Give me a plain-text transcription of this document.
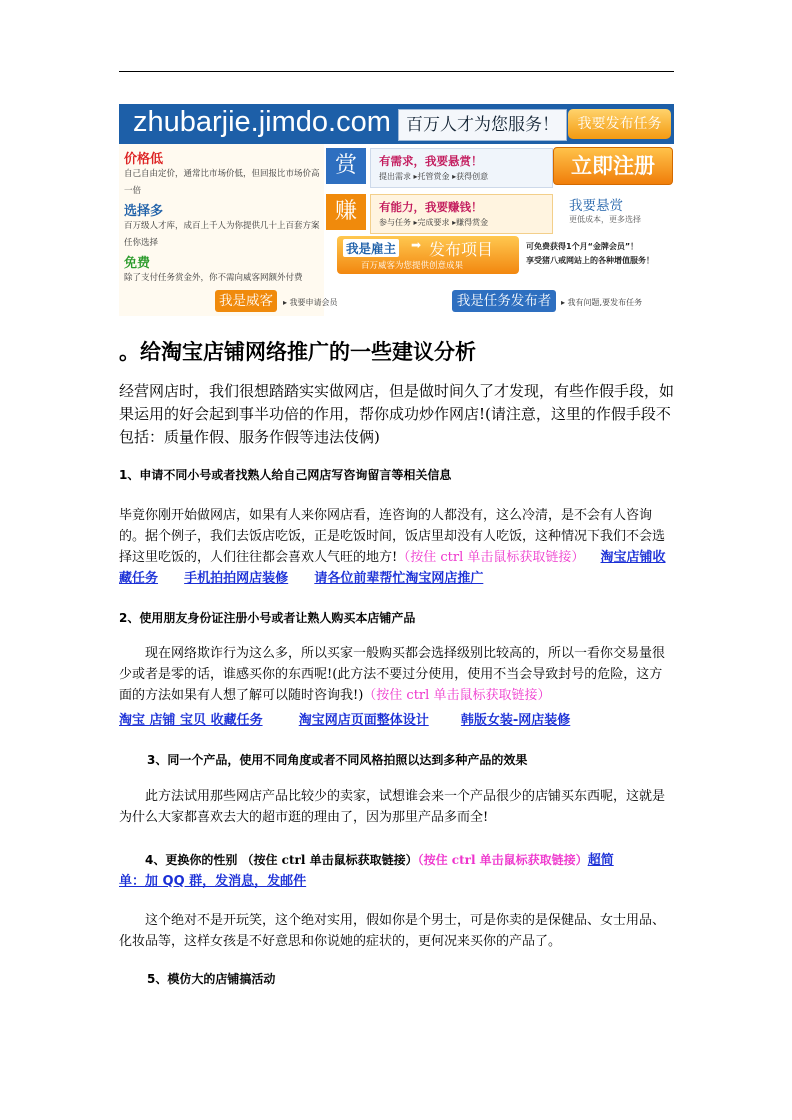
zhubarjie.jimdo.com 百万人才为您服务！	我要发布任务
价格低
自己自由定价，通常比市场价低，但回报比市场价高一倍
选择多
百万级人才库，成百上千人为你提供几十上百套方案任你选择
免费
除了支付任务赏金外，你不需向威客网额外付费
赏	有需求，我要悬赏！
提出需求 ▸托管赏金 ▸获得创意	立即注册
赚	有能力，我要赚钱！
参与任务 ▸完成要求 ▸赚得赏金
我要悬赏
更低成本，更多选择
我是雇主 ➡ 发布项目
百万威客为您提供创意成果
可免费获得1个月“金牌会员”！
享受猪八戒网站上的各种增值服务！
我是威客	▸ 我要申请会员	我是任务发布者	▸ 我有问题,要发布任务
。给淘宝店铺网络推广的一些建议分析
经营网店时，我们很想踏踏实实做网店，但是做时间久了才发现，有些作假手段，如果运用的好会起到事半功倍的作用，帮你成功炒作网店!(请注意，这里的作假手段不包括：质量作假、服务作假等违法伎俩)
1、申请不同小号或者找熟人给自己网店写咨询留言等相关信息
毕竟你刚开始做网店，如果有人来你网店看，连咨询的人都没有，这么冷清，是不会有人咨询的。据个例子，我们去饭店吃饭，正是吃饭时间，饭店里却没有人吃饭，这种情况下我们不会选择这里吃饭的，人们往往都会喜欢人气旺的地方!（按住 ctrl 单击鼠标获取链接） 淘宝店铺收藏任务 手机拍拍网店装修 请各位前辈帮忙淘宝网店推广
2、使用朋友身份证注册小号或者让熟人购买本店铺产品
现在网络欺诈行为这么多，所以买家一般购买都会选择级别比较高的，所以一看你交易量很少或者是零的话，谁感买你的东西呢!(此方法不要过分使用，使用不当会导致封号的危险，这方面的方法如果有人想了解可以随时咨询我!)（按住 ctrl 单击鼠标获取链接）
淘宝 店铺 宝贝 收藏任务	淘宝网店页面整体设计 韩版女装-网店装修
3、同一个产品，使用不同角度或者不同风格拍照以达到多种产品的效果
此方法试用那些网店产品比较少的卖家，试想谁会来一个产品很少的店铺买东西呢，这就是为什么大家都喜欢去大的超市逛的理由了，因为那里产品多而全!
4、更换你的性别 （按住 ctrl 单击鼠标获取链接）（按住 ctrl 单击鼠标获取链接）超简
单：加 QQ 群，发消息，发邮件
这个绝对不是开玩笑，这个绝对实用，假如你是个男士，可是你卖的是保健品、女士用品、化妆品等，这样女孩是不好意思和你说她的症状的，更何况来买你的产品了。
5、模仿大的店铺搞活动
